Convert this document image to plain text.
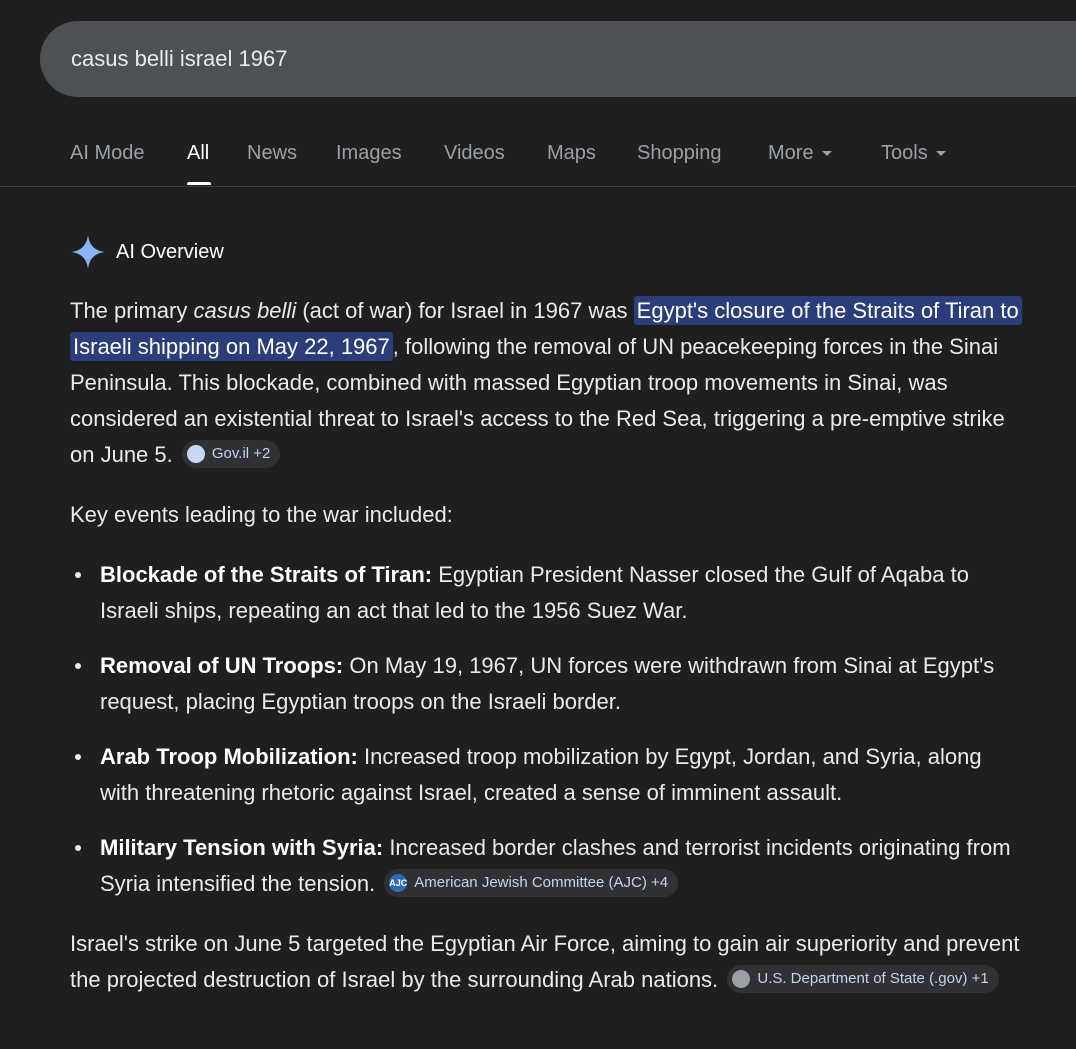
casus belli israel 1967
AI Mode All News Images Videos Maps Shopping More	Tools
AI Overview

The primary casus belli (act of war) for Israel in 1967 was Egypt's closure of the Straits of Tiran to Israeli shipping on May 22, 1967 , following the removal of UN peacekeeping forces in the Sinai Peninsula. This blockade, combined with massed Egyptian troop movements in Sinai, was considered an existential threat to Israel's access to the Red Sea, triggering a pre-emptive strike on June 5.	Gov.il +2

Key events leading to the war included:

Blockade of the Straits of Tiran: Egyptian President Nasser closed the Gulf of Aqaba to Israeli ships, repeating an act that led to the 1956 Suez War.
Removal of UN Troops: On May 19, 1967, UN forces were withdrawn from Sinai at Egypt's request, placing Egyptian troops on the Israeli border.
Arab Troop Mobilization: Increased troop mobilization by Egypt, Jordan, and Syria, along with threatening rhetoric against Israel, created a sense of imminent assault.
Military Tension with Syria: Increased border clashes and terrorist incidents originating from Syria intensified the tension. AJC American Jewish Committee (AJC) +4

Israel's strike on June 5 targeted the Egyptian Air Force, aiming to gain air superiority and prevent the projected destruction of Israel by the surrounding Arab nations.	U.S. Department of State (.gov) +1
